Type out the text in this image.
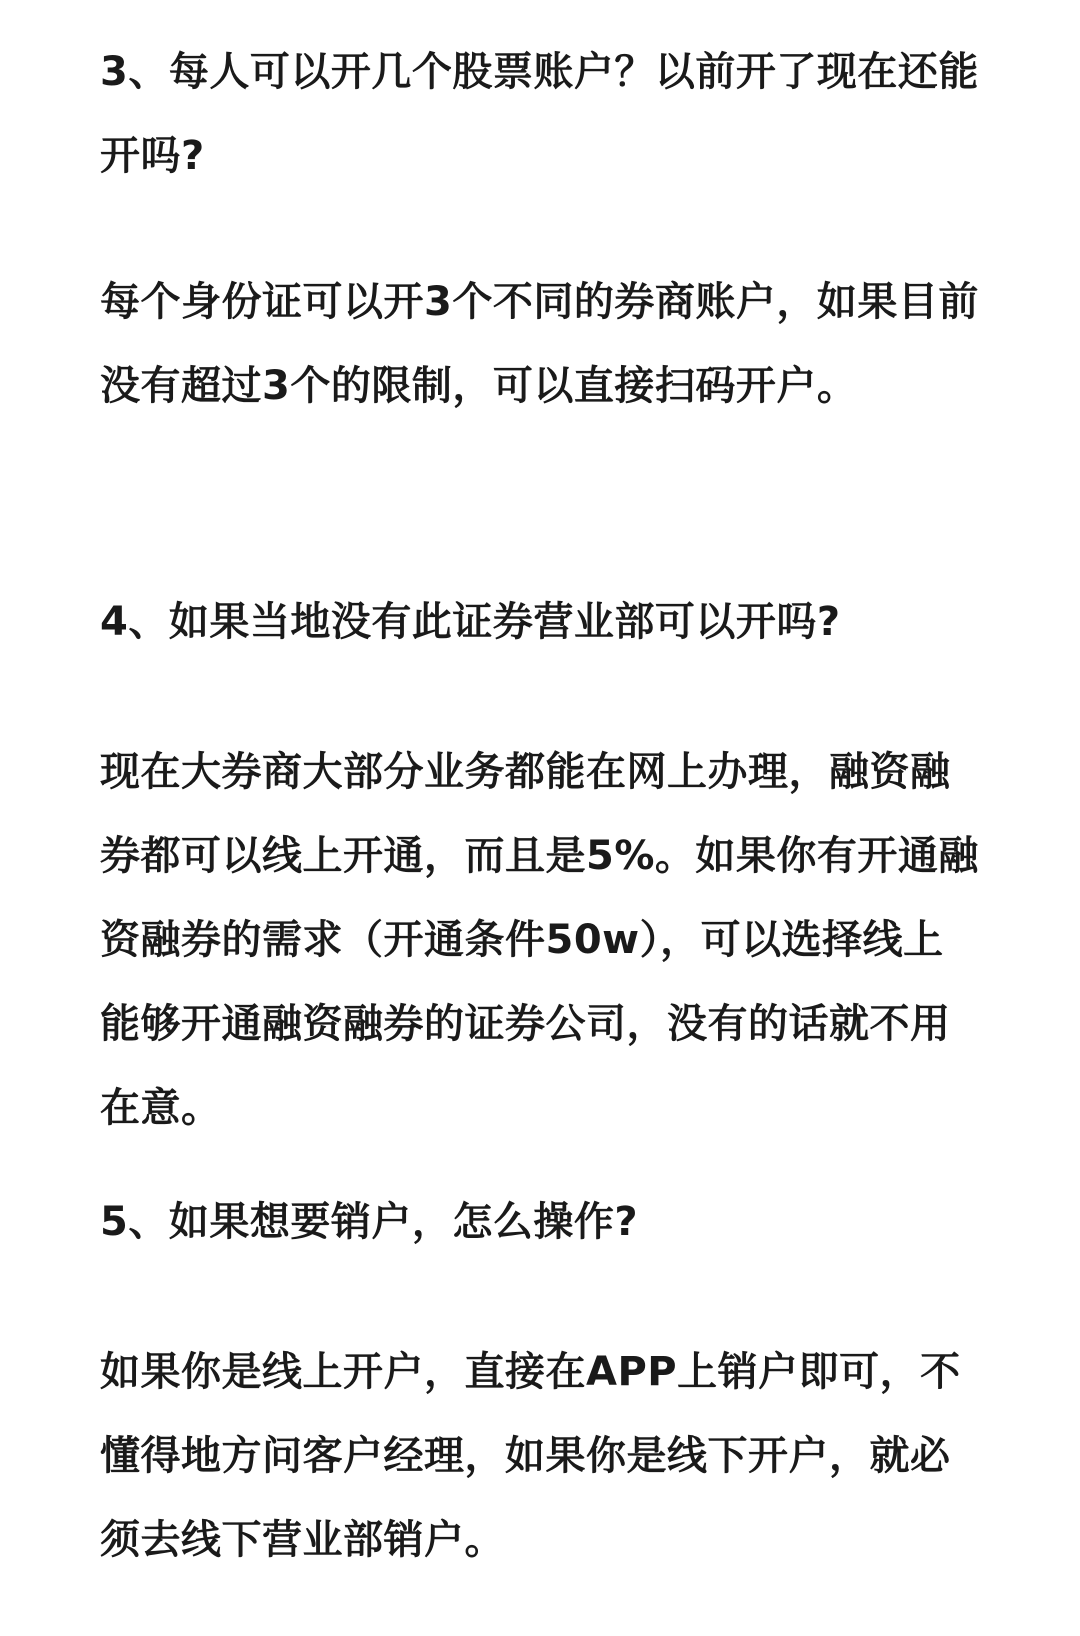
3、每人可以开几个股票账户？以前开了现在还能开吗?

每个身份证可以开3个不同的券商账户，如果目前没有超过3个的限制，可以直接扫码开户。

4、如果当地没有此证券营业部可以开吗?

现在大券商大部分业务都能在网上办理，融资融券都可以线上开通，而且是5%。如果你有开通融资融券的需求（开通条件50w），可以选择线上能够开通融资融券的证券公司，没有的话就不用在意。

5、如果想要销户，怎么操作?

如果你是线上开户，直接在APP上销户即可，不懂得地方问客户经理，如果你是线下开户，就必须去线下营业部销户。
